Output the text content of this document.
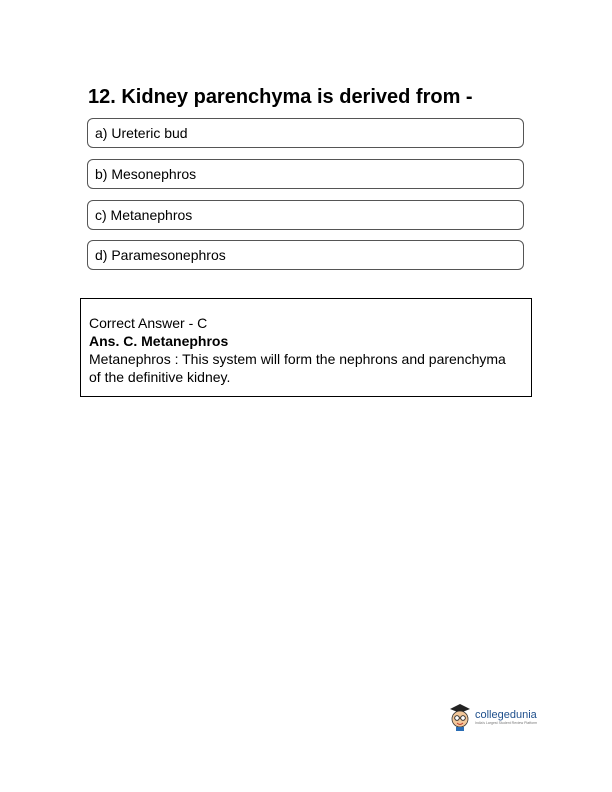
12. Kidney parenchyma is derived from -
a) Ureteric bud
b) Mesonephros
c) Metanephros
d) Paramesonephros
Correct Answer - C
Ans. C. Metanephros
Metanephros : This system will form the nephrons and parenchyma
of the definitive kidney.
collegedunia
India's Largest Student Review Platform
